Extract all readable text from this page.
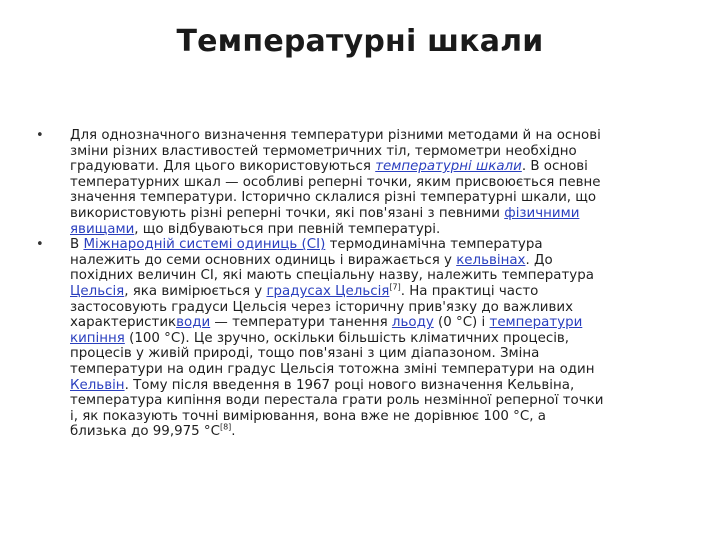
Температурні шкали
• Для однозначного визначення температури різними методами й на основі зміни різних властивостей термометричних тіл, термометри необхідно градуювати. Для цього використовуються температурні шкали. В основі температурних шкал — особливі реперні точки, яким присвоюється певне значення температури. Історично склалися різні температурні шкали, що використовують різні реперні точки, які пов'язані з певними фізичними явищами, що відбуваються при певній температурі.
• В Міжнародній системі одиниць (СІ) термодинамічна температура належить до семи основних одиниць і виражається у кельвінах. До похідних величин СІ, які мають спеціальну назву, належить температура Цельсія, яка вимірюється у градусах Цельсія[7]. На практиці часто застосовують градуси Цельсія через історичну прив'язку до важливих характеристикводи — температури танення льоду (0 °C) і температури кипіння (100 °C). Це зручно, оскільки більшість кліматичних процесів, процесів у живій природі, тощо пов'язані з цим діапазоном. Зміна температури на один градус Цельсія тотожна зміні температури на один Кельвін. Тому після введення в 1967 році нового визначення Кельвіна, температура кипіння води перестала грати роль незмінної реперної точки і, як показують точні вимірювання, вона вже не дорівнює 100 °C, а близька до 99,975 °C[8].
